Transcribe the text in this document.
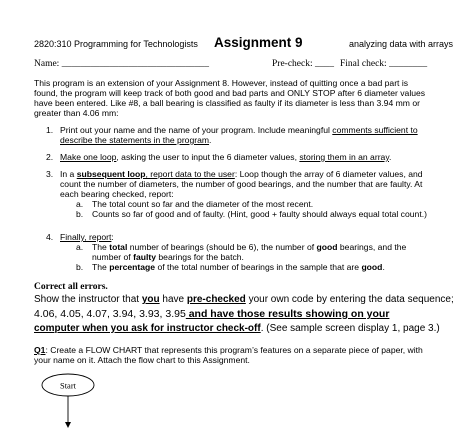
2820:310 Programming for Technologists Assignment 9	analyzing data with arrays
Name: _______________________________	Pre-check: ____ Final check: ________
This program is an extension of your Assignment 8. However, instead of quitting once a bad part is
found, the program will keep track of both good and bad parts and ONLY STOP after 6 diameter values
have been entered. Like #8, a ball bearing is classified as faulty if its diameter is less than 3.94 mm or
greater than 4.06 mm:
1. Print out your name and the name of your program. Include meaningful comments sufficient to
describe the statements in the program.
2. Make one loop, asking the user to input the 6 diameter values, storing them in an array.
3. In a subsequent loop, report data to the user: Loop though the array of 6 diameter values, and
count the number of diameters, the number of good bearings, and the number that are faulty. At
each bearing checked, report:
a. The total count so far and the diameter of the most recent.
b. Counts so far of good and of faulty. (Hint, good + faulty should always equal total count.)
4. Finally, report:
a. The total number of bearings (should be 6), the number of good bearings, and the
number of faulty bearings for the batch.
b. The percentage of the total number of bearings in the sample that are good.
Correct all errors.
Show the instructor that you have pre-checked your own code by entering the data sequence;
4.06, 4.05, 4.07, 3.94, 3.93, 3.95 and have those results showing on your
computer when you ask for instructor check-off. (See sample screen display 1, page 3.)
Q1: Create a FLOW CHART that represents this program’s features on a separate piece of paper, with
your name on it. Attach the flow chart to this Assignment.
Start
